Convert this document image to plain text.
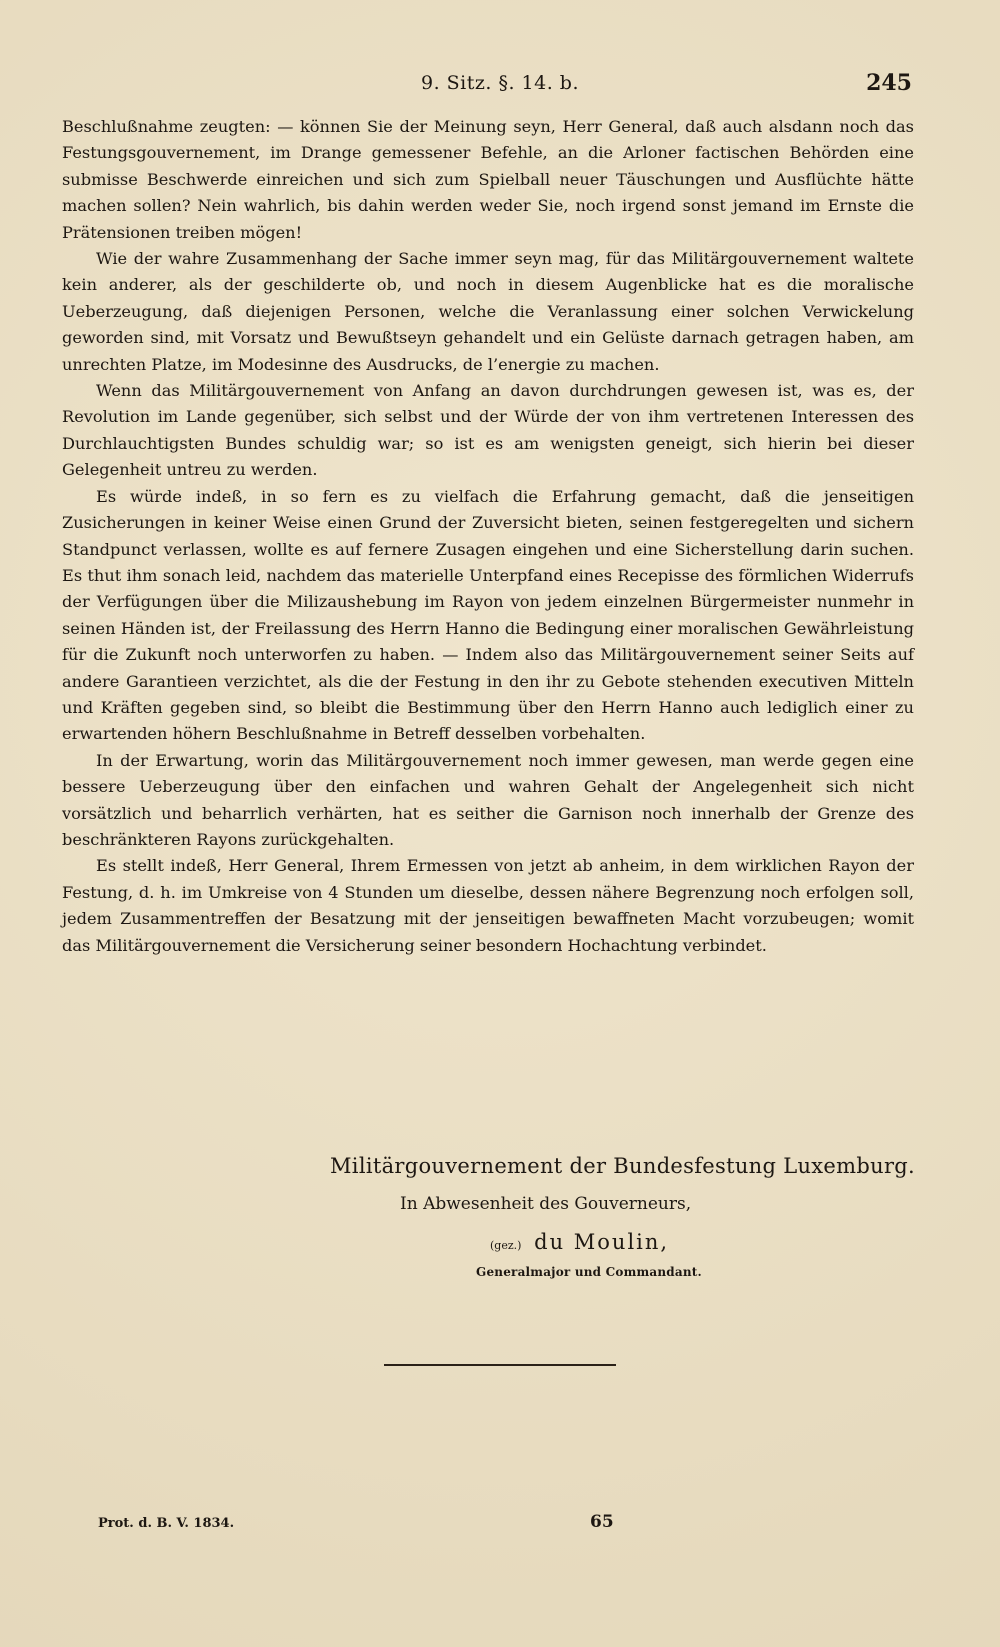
9. Sitz. §. 14. b.	245

Beschlußnahme zeugten: — können Sie der Meinung seyn, Herr General, daß auch alsdann noch das Festungsgouvernement, im Drange gemessener Befehle, an die Arloner factischen Behörden eine submisse Beschwerde einreichen und sich zum Spielball neuer Täuschungen und Ausflüchte hätte machen sollen? Nein wahrlich, bis dahin werden weder Sie, noch irgend sonst jemand im Ernste die Prätensionen treiben mögen!

Wie der wahre Zusammenhang der Sache immer seyn mag, für das Militärgouvernement waltete kein anderer, als der geschilderte ob, und noch in diesem Augenblicke hat es die moralische Ueberzeugung, daß diejenigen Personen, welche die Veranlassung einer solchen Verwickelung geworden sind, mit Vorsatz und Bewußtseyn gehandelt und ein Gelüste darnach getragen haben, am unrechten Platze, im Modesinne des Ausdrucks, de l’energie zu machen.

Wenn das Militärgouvernement von Anfang an davon durchdrungen gewesen ist, was es, der Revolution im Lande gegenüber, sich selbst und der Würde der von ihm vertretenen Interessen des Durchlauchtigsten Bundes schuldig war; so ist es am wenigsten geneigt, sich hierin bei dieser Gelegenheit untreu zu werden.

Es würde indeß, in so fern es zu vielfach die Erfahrung gemacht, daß die jenseitigen Zusicherungen in keiner Weise einen Grund der Zuversicht bieten, seinen festgeregelten und sichern Standpunct verlassen, wollte es auf fernere Zusagen eingehen und eine Sicherstellung darin suchen. Es thut ihm sonach leid, nachdem das materielle Unterpfand eines Recepisse des förmlichen Widerrufs der Verfügungen über die Milizaushebung im Rayon von jedem einzelnen Bürgermeister nunmehr in seinen Händen ist, der Freilassung des Herrn Hanno die Bedingung einer moralischen Gewährleistung für die Zukunft noch unterworfen zu haben. — Indem also das Militärgouvernement seiner Seits auf andere Garantieen verzichtet, als die der Festung in den ihr zu Gebote stehenden executiven Mitteln und Kräften gegeben sind, so bleibt die Bestimmung über den Herrn Hanno auch lediglich einer zu erwartenden höhern Beschlußnahme in Betreff desselben vorbehalten.

In der Erwartung, worin das Militärgouvernement noch immer gewesen, man werde gegen eine bessere Ueberzeugung über den einfachen und wahren Gehalt der Angelegenheit sich nicht vorsätzlich und beharrlich verhärten, hat es seither die Garnison noch innerhalb der Grenze des beschränkteren Rayons zurückgehalten.

Es stellt indeß, Herr General, Ihrem Ermessen von jetzt ab anheim, in dem wirklichen Rayon der Festung, d. h. im Umkreise von 4 Stunden um dieselbe, dessen nähere Begrenzung noch erfolgen soll, jedem Zusammentreffen der Besatzung mit der jenseitigen bewaffneten Macht vorzubeugen; womit das Militärgouvernement die Versicherung seiner besondern Hochachtung verbindet.

Militärgouvernement der Bundesfestung Luxemburg.
In Abwesenheit des Gouverneurs,
(gez.) du Moulin,
Generalmajor und Commandant.
Prot. d. B. V. 1834.	65
